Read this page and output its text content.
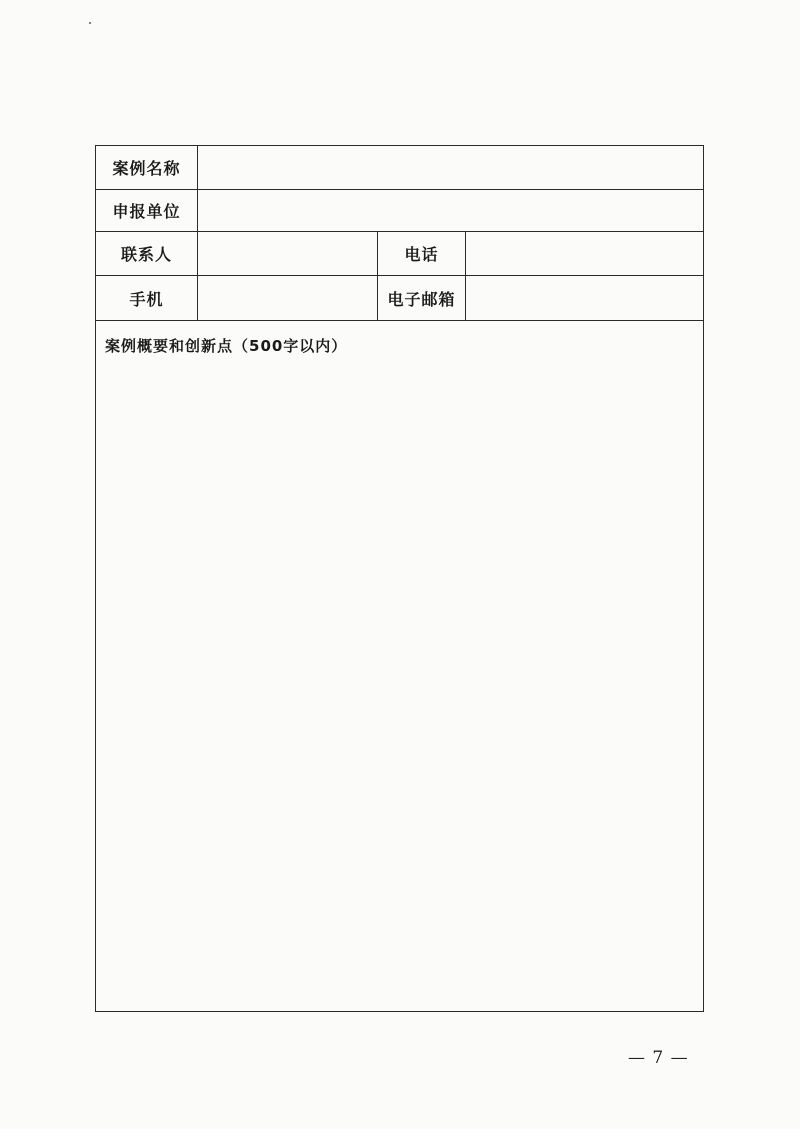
案例名称
申报单位
联系人	电话
手机	电子邮箱
案例概要和创新点（500字以内）
— 7 —
